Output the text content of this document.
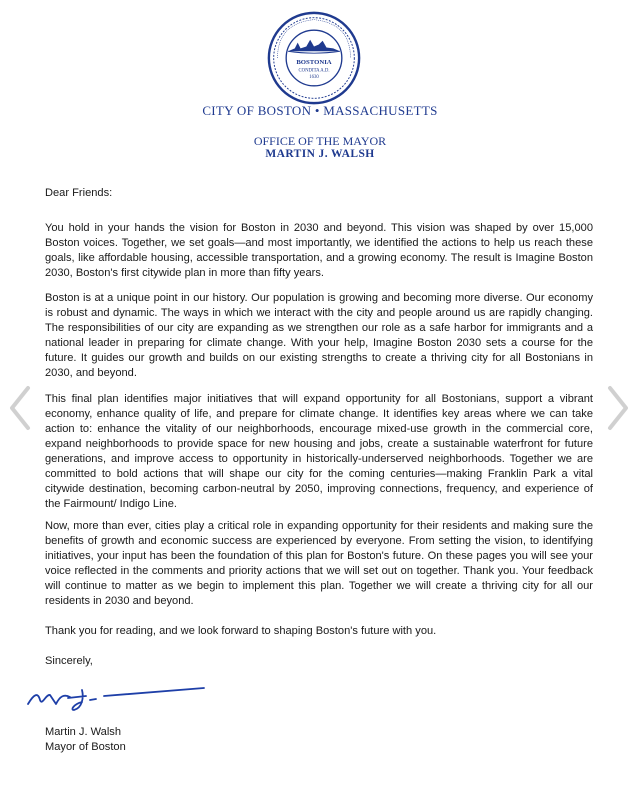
BOSTONIA
CONDITA A.D.
1630
CITY OF BOSTON • MASSACHUSETTS
OFFICE OF THE MAYOR
MARTIN J. WALSH
Dear Friends:

You hold in your hands the vision for Boston in 2030 and beyond. This vision was shaped by over 15,000 Boston voices. Together, we set goals—and most importantly, we identified the actions to help us reach these goals, like affordable housing, accessible transportation, and a growing economy. The result is Imagine Boston 2030, Boston's first citywide plan in more than fifty years.

Boston is at a unique point in our history. Our population is growing and becoming more diverse. Our economy is robust and dynamic. The ways in which we interact with the city and people around us are rapidly changing. The responsibilities of our city are expanding as we strengthen our role as a safe harbor for immigrants and a national leader in preparing for climate change. With your help, Imagine Boston 2030 sets a course for the future. It guides our growth and builds on our existing strengths to create a thriving city for all Bostonians in 2030, and beyond.

This final plan identifies major initiatives that will expand opportunity for all Bostonians, support a vibrant economy, enhance quality of life, and prepare for climate change. It identifies key areas where we can take action to: enhance the vitality of our neighborhoods, encourage mixed-use growth in the commercial core, expand neighborhoods to provide space for new housing and jobs, create a sustainable waterfront for future generations, and improve access to opportunity in historically-underserved neighborhoods. Together we are committed to bold actions that will shape our city for the coming centuries—making Franklin Park a vital citywide destination, becoming carbon-neutral by 2050, improving connections, frequency, and experience of the Fairmount/ Indigo Line.

Now, more than ever, cities play a critical role in expanding opportunity for their residents and making sure the benefits of growth and economic success are experienced by everyone. From setting the vision, to identifying initiatives, your input has been the foundation of this plan for Boston's future. On these pages you will see your voice reflected in the comments and priority actions that we will set out on together. Thank you. Your feedback will continue to matter as we begin to implement this plan. Together we will create a thriving city for all our residents in 2030 and beyond.

Thank you for reading, and we look forward to shaping Boston's future with you.

Sincerely,
Martin J. Walsh
Mayor of Boston
